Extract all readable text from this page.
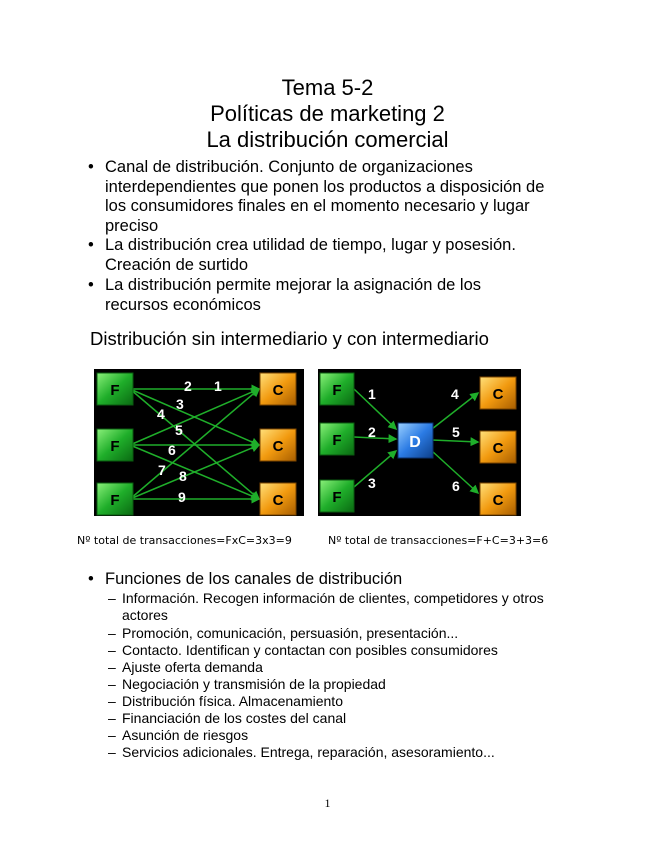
Tema 5-2
Políticas de marketing 2
La distribución comercial
• Canal de distribución. Conjunto de organizaciones interdependientes que ponen los productos a disposición de los consumidores finales en el momento necesario y lugar preciso
• La distribución crea utilidad de tiempo, lugar y posesión. Creación de surtido
• La distribución permite mejorar la asignación de los recursos económicos
Distribución sin intermediario y con intermediario
F
F
F
C
C
C
2 1
3
4
5
6
7 8
9
F
F
F
D
C
C
C
1	4
2	5
3	6
Nº total de transacciones=FxC=3x3=9	Nº total de transacciones=F+C=3+3=6
• Funciones de los canales de distribución
– Información. Recogen información de clientes, competidores y otros actores
– Promoción, comunicación, persuasión, presentación...
– Contacto. Identifican y contactan con posibles consumidores
– Ajuste oferta demanda
– Negociación y transmisión de la propiedad
– Distribución física. Almacenamiento
– Financiación de los costes del canal
– Asunción de riesgos
– Servicios adicionales. Entrega, reparación, asesoramiento...
1
